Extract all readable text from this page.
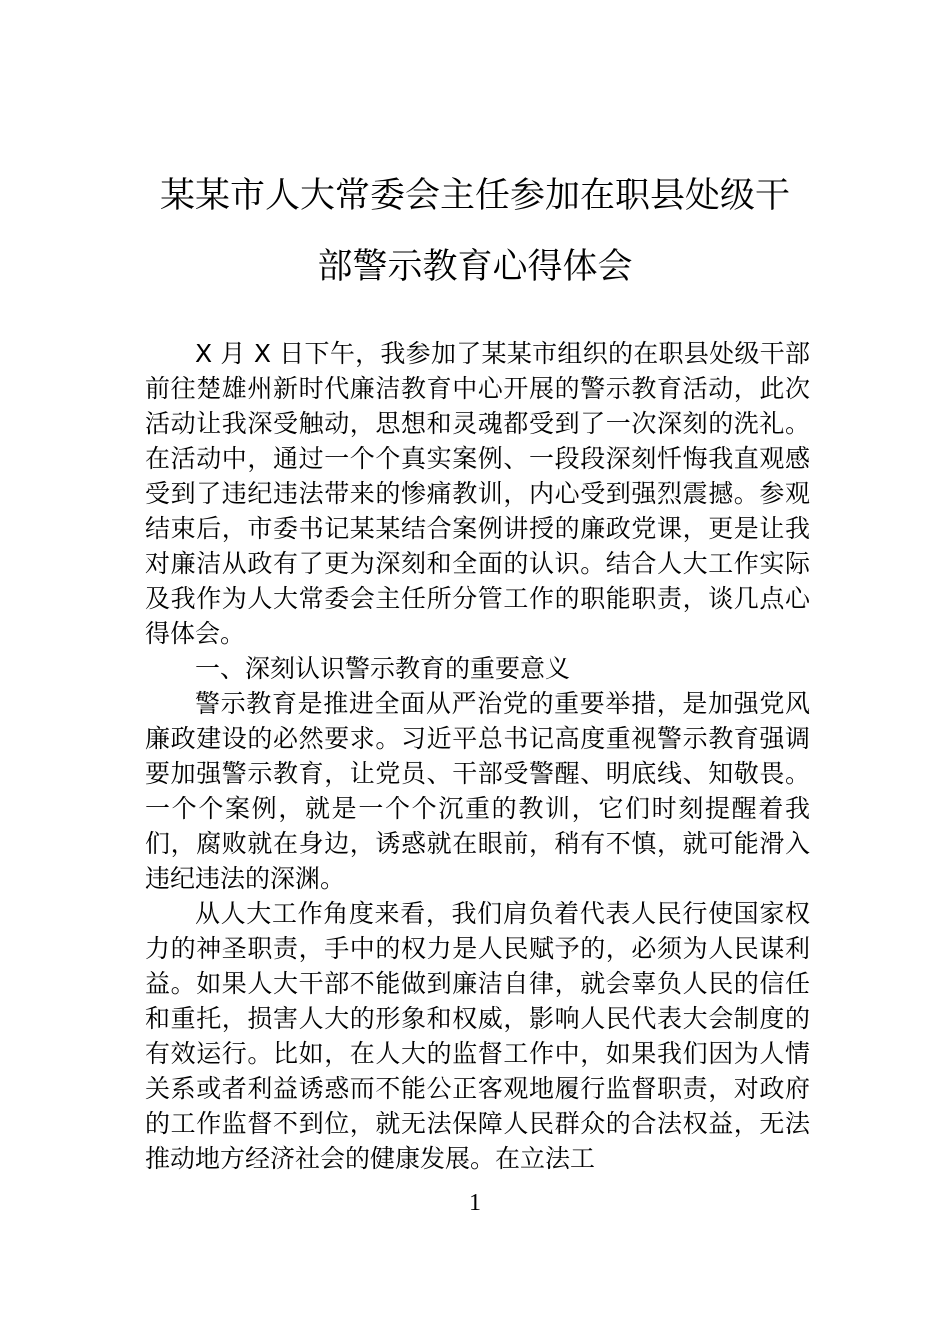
某某市人大常委会主任参加在职县处级干
部警示教育心得体会

X 月 X 日下午，我参加了某某市组织的在职县处级干部前往楚雄州新时代廉洁教育中心开展的警示教育活动，此次活动让我深受触动，思想和灵魂都受到了一次深刻的洗礼。在活动中，通过一个个真实案例、一段段深刻忏悔我直观感受到了违纪违法带来的惨痛教训，内心受到强烈震撼。参观结束后，市委书记某某结合案例讲授的廉政党课，更是让我对廉洁从政有了更为深刻和全面的认识。结合人大工作实际及我作为人大常委会主任所分管工作的职能职责，谈几点心得体会。

一、深刻认识警示教育的重要意义

警示教育是推进全面从严治党的重要举措，是加强党风廉政建设的必然要求。习近平总书记高度重视警示教育强调要加强警示教育，让党员、干部受警醒、明底线、知敬畏。一个个案例，就是一个个沉重的教训，它们时刻提醒着我们，腐败就在身边，诱惑就在眼前，稍有不慎，就可能滑入违纪违法的深渊。

从人大工作角度来看，我们肩负着代表人民行使国家权力的神圣职责，手中的权力是人民赋予的，必须为人民谋利益。如果人大干部不能做到廉洁自律，就会辜负人民的信任和重托，损害人大的形象和权威，影响人民代表大会制度的有效运行。比如，在人大的监督工作中，如果我们因为人情关系或者利益诱惑而不能公正客观地履行监督职责，对政府的工作监督不到位，就无法保障人民群众的合法权益，无法推动地方经济社会的健康发展。在立法工

1
